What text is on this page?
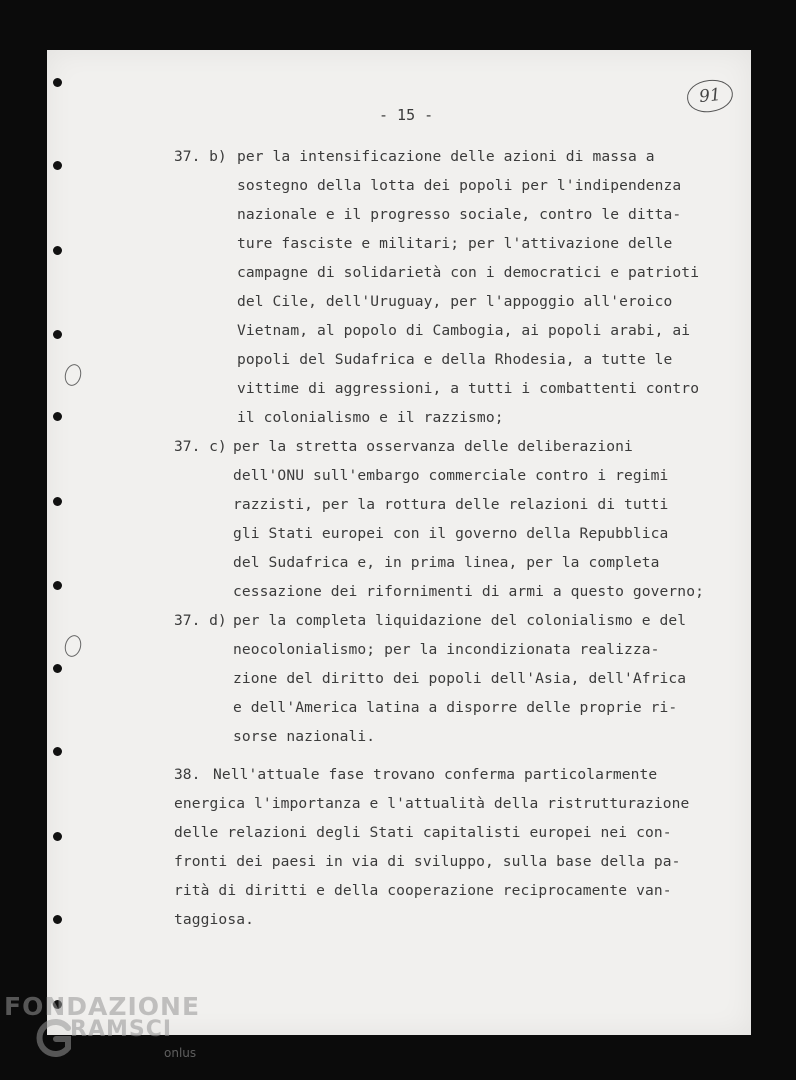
- 15 -
91
37. b) per la intensificazione delle azioni di massa a
sostegno della lotta dei popoli per l'indipendenza
nazionale e il progresso sociale, contro le ditta-
ture fasciste e militari; per l'attivazione delle
campagne di solidarietà con i democratici e patrioti
del Cile, dell'Uruguay, per l'appoggio all'eroico
Vietnam, al popolo di Cambogia, ai popoli arabi, ai
popoli del Sudafrica e della Rhodesia, a tutte le
vittime di aggressioni, a tutti i combattenti contro
il colonialismo e il razzismo;
37. c) per la stretta osservanza delle deliberazioni
dell'ONU sull'embargo commerciale contro i regimi
razzisti, per la rottura delle relazioni di tutti
gli Stati europei con il governo della Repubblica
del Sudafrica e, in prima linea, per la completa
cessazione dei rifornimenti di armi a questo governo;
37. d) per la completa liquidazione del colonialismo e del
neocolonialismo; per la incondizionata realizza-
zione del diritto dei popoli dell'Asia, dell'Africa
e dell'America latina a disporre delle proprie ri-
sorse nazionali.
38. Nell'attuale fase trovano conferma particolarmente
energica l'importanza e l'attualità della ristrutturazione
delle relazioni degli Stati capitalisti europei nei con-
fronti dei paesi in via di sviluppo, sulla base della pa-
rità di diritti e della cooperazione reciprocamente van-
taggiosa.
FONDAZIONE
RAMSCI
onlus
